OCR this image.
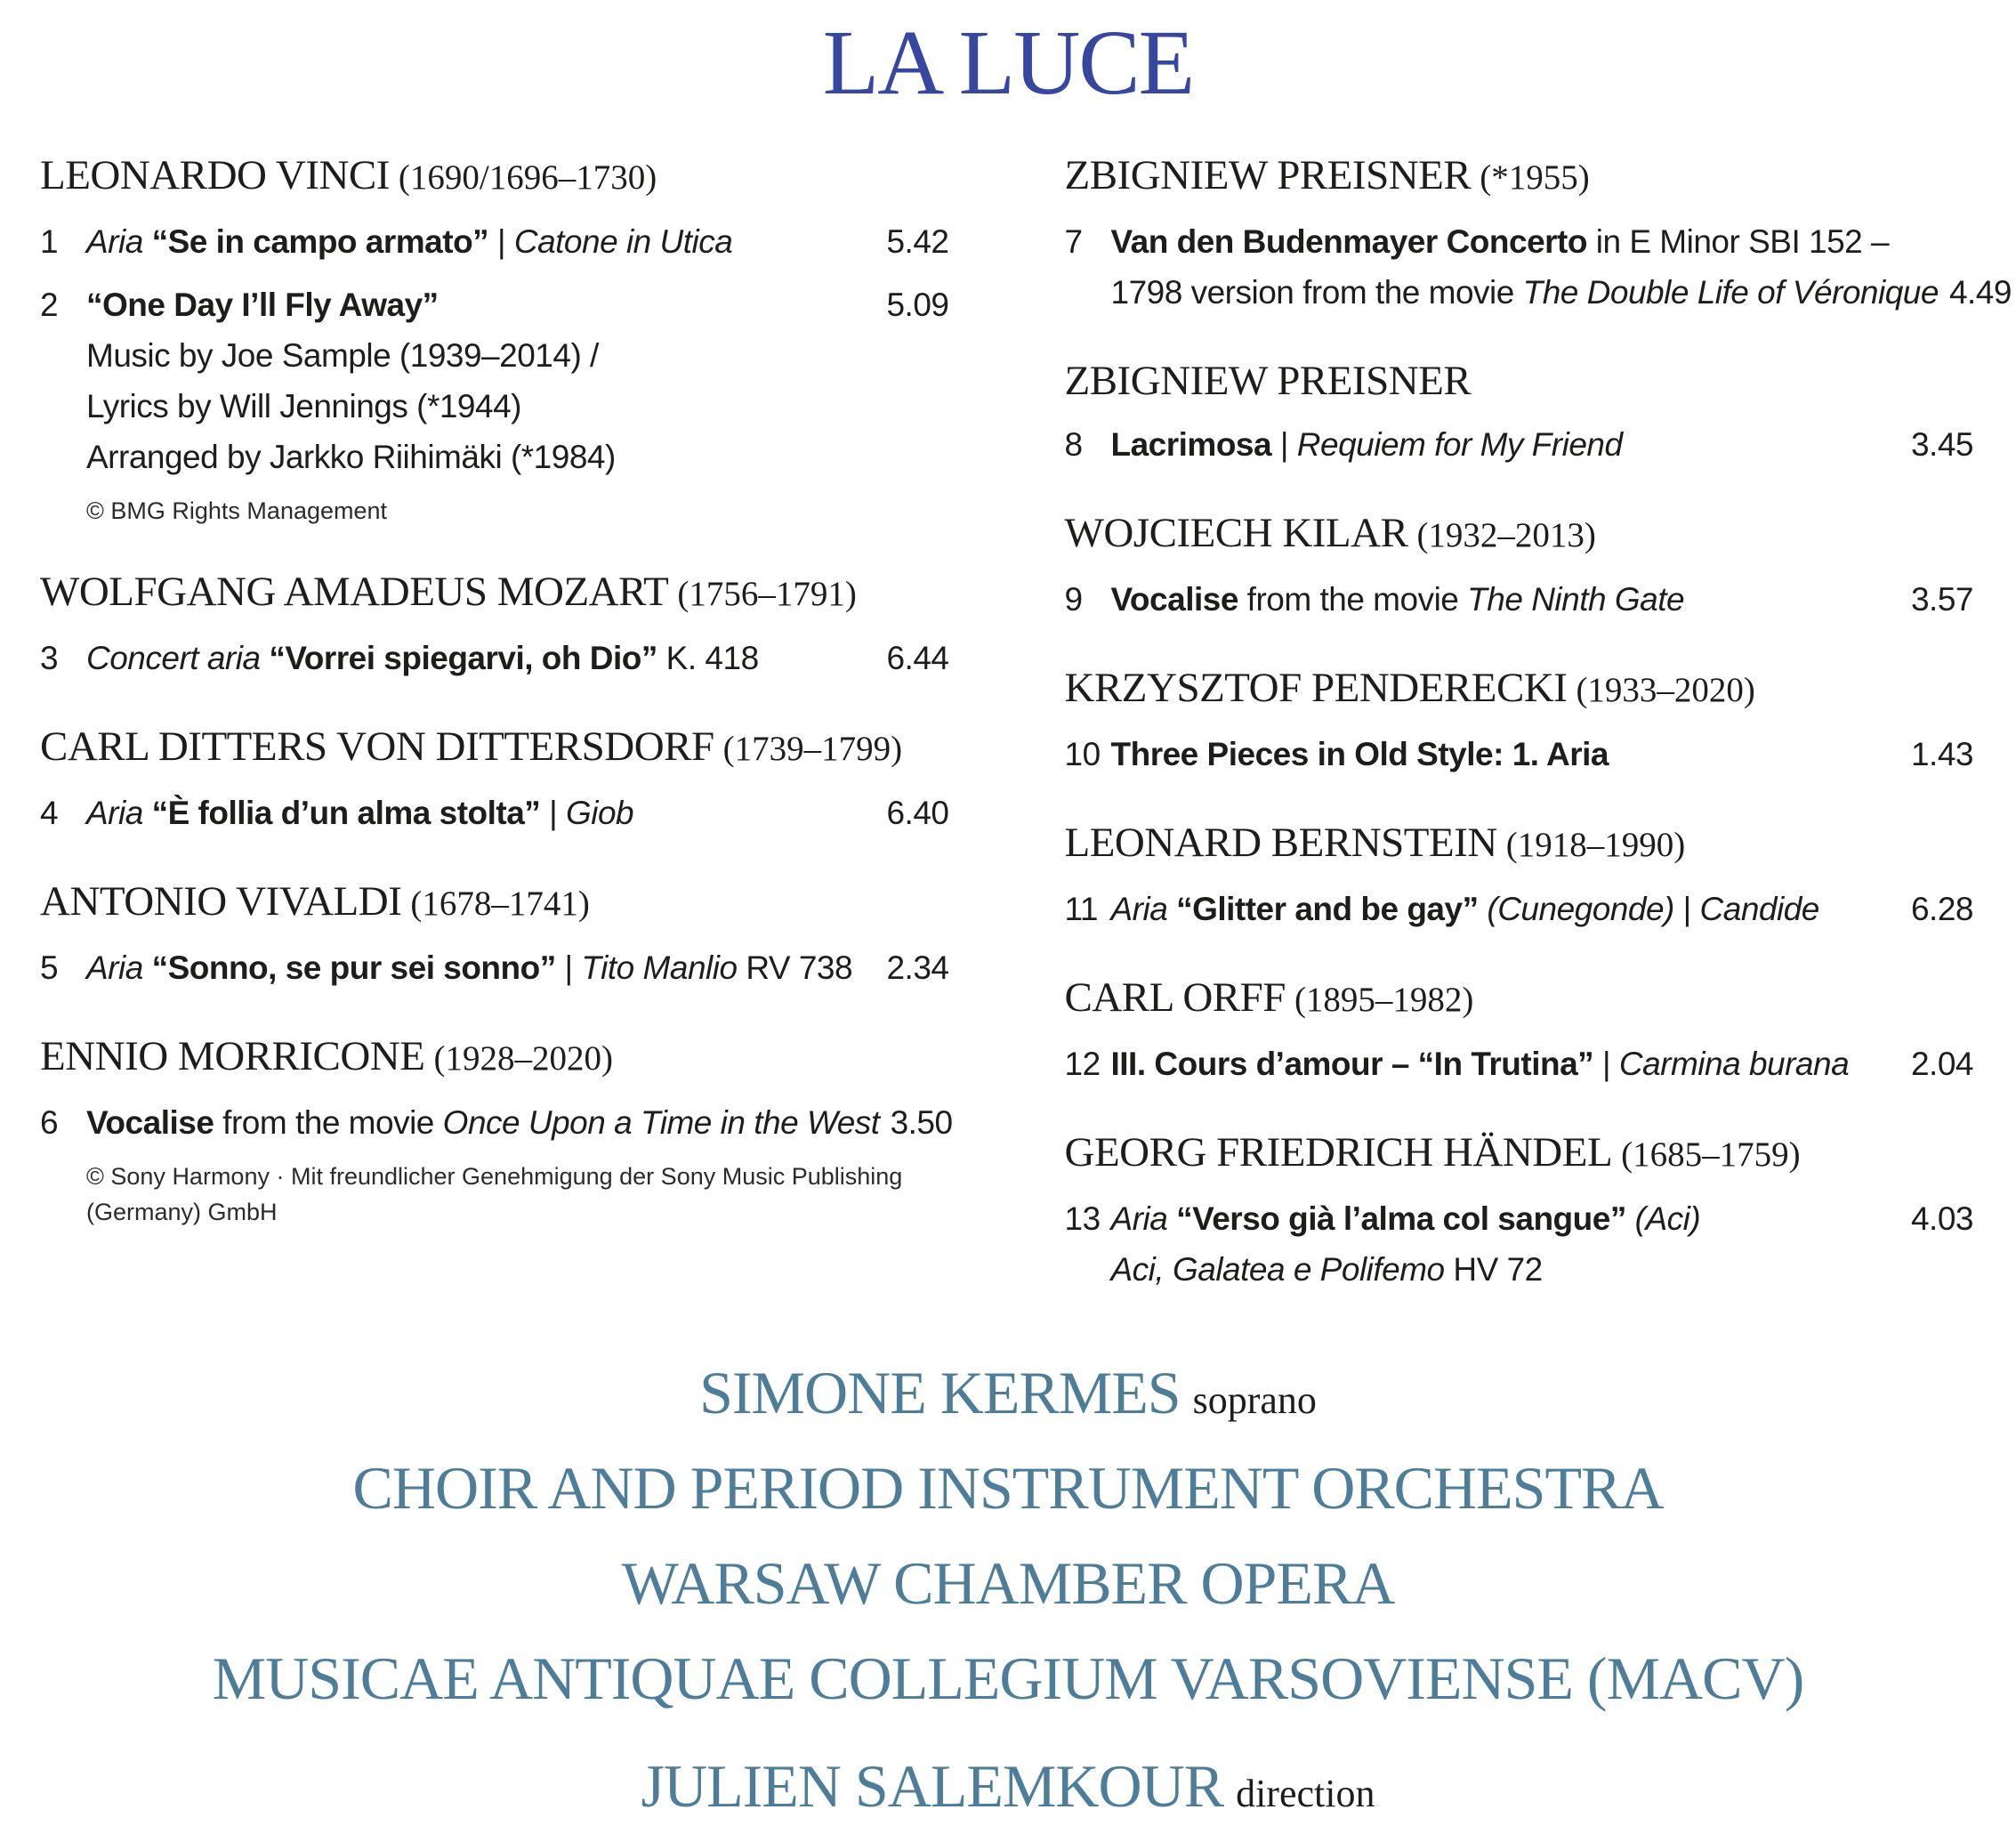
LA LUCE
LEONARDO VINCI (1690/1696–1730)
1 Aria “Se in campo armato” | Catone in Utica	5.42
2 “One Day I’ll Fly Away”	5.09
Music by Joe Sample (1939–2014) /
Lyrics by Will Jennings (*1944)
Arranged by Jarkko Riihimäki (*1984)
© BMG Rights Management
WOLFGANG AMADEUS MOZART (1756–1791)
3 Concert aria “Vorrei spiegarvi, oh Dio” K. 418	6.44
CARL DITTERS VON DITTERSDORF (1739–1799)
4 Aria “È follia d’un alma stolta” | Giob	6.40
ANTONIO VIVALDI (1678–1741)
5 Aria “Sonno, se pur sei sonno” | Tito Manlio RV 738	2.34
ENNIO MORRICONE (1928–2020)
6 Vocalise from the movie Once Upon a Time in the West 3.50
© Sony Harmony · Mit freundlicher Genehmigung der Sony Music Publishing (Germany) GmbH
ZBIGNIEW PREISNER (*1955)
7 Van den Budenmayer Concerto in E Minor SBI 152 –
1798 version from the movie The Double Life of Véronique 4.49
ZBIGNIEW PREISNER
8 Lacrimosa | Requiem for My Friend	3.45
WOJCIECH KILAR (1932–2013)
9 Vocalise from the movie The Ninth Gate	3.57
KRZYSZTOF PENDERECKI (1933–2020)
10 Three Pieces in Old Style: 1. Aria	1.43
LEONARD BERNSTEIN (1918–1990)
11 Aria “Glitter and be gay” (Cunegonde) | Candide	6.28
CARL ORFF (1895–1982)
12 III. Cours d’amour – “In Trutina” | Carmina burana	2.04
GEORG FRIEDRICH HÄNDEL (1685–1759)
13 Aria “Verso già l’alma col sangue” (Aci)	4.03
Aci, Galatea e Polifemo HV 72
SIMONE KERMES soprano
CHOIR AND PERIOD INSTRUMENT ORCHESTRA
WARSAW CHAMBER OPERA
MUSICAE ANTIQUAE COLLEGIUM VARSOVIENSE (MACV)
JULIEN SALEMKOUR direction
